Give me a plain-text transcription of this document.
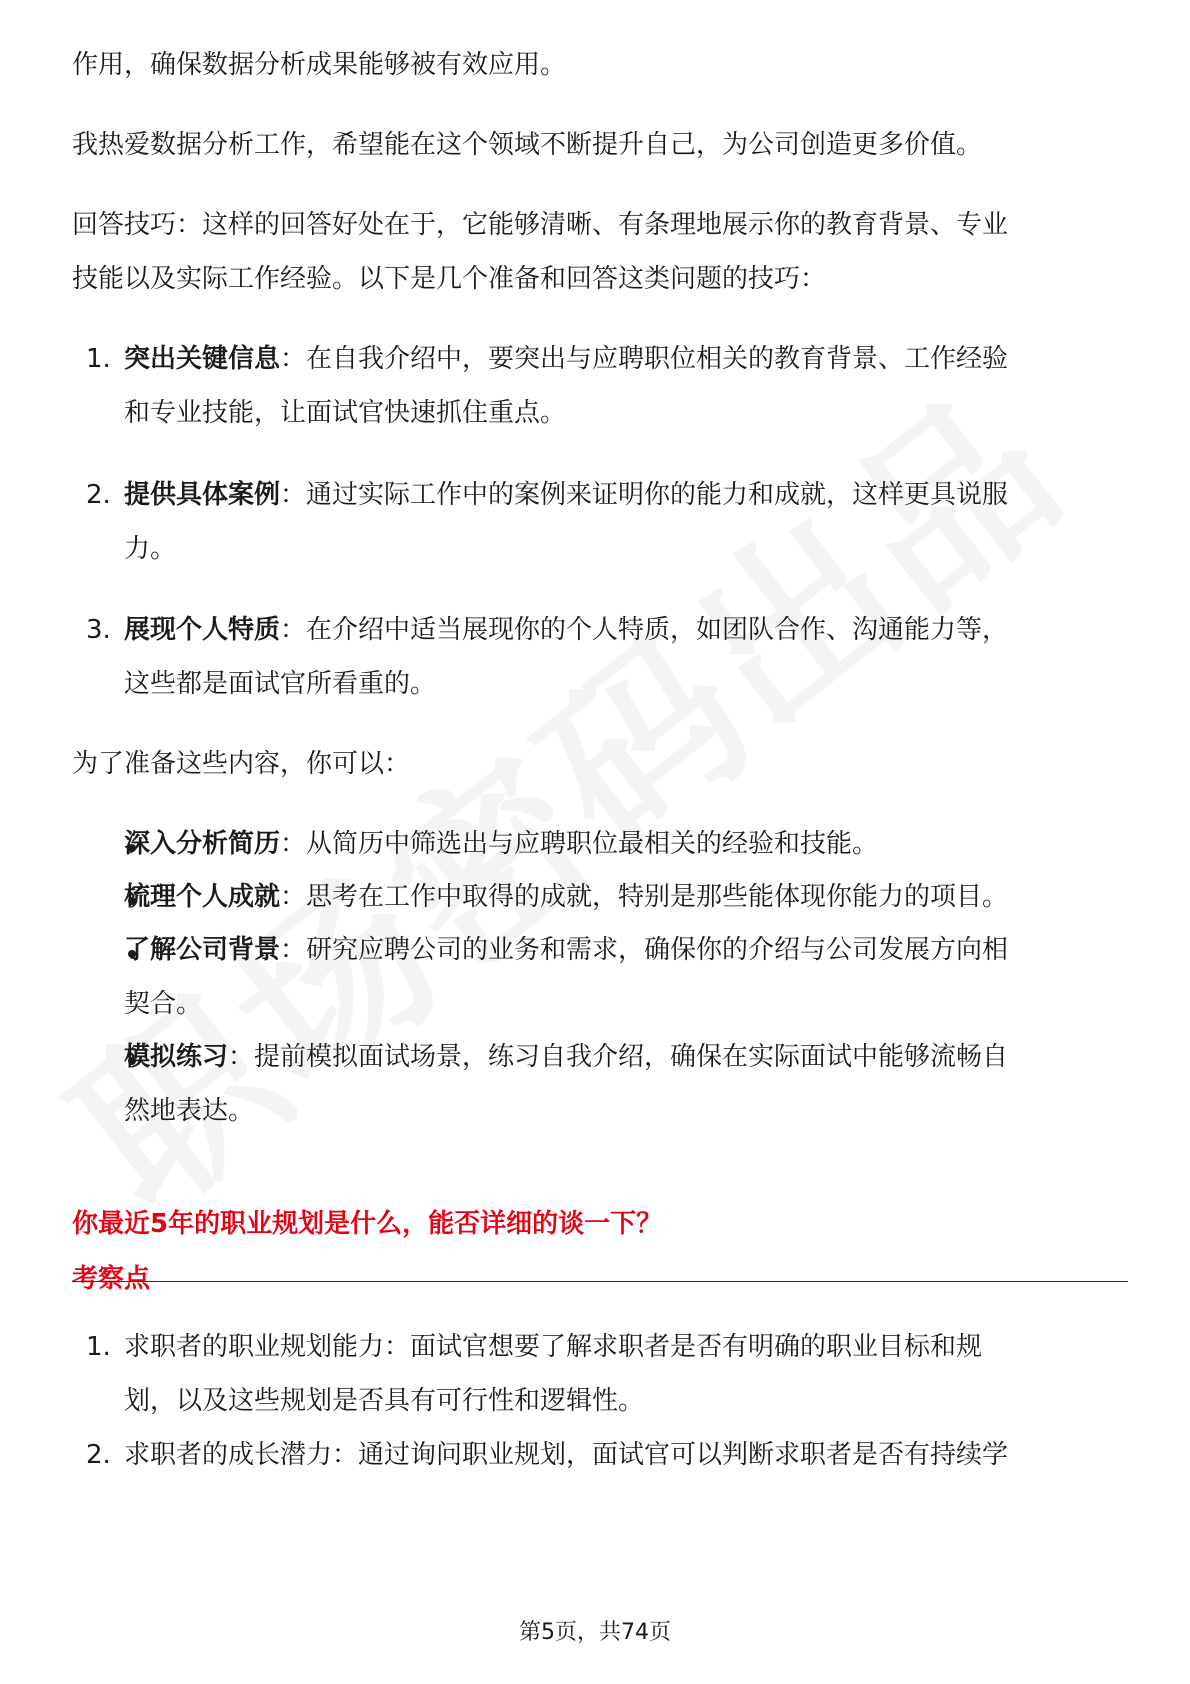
作用，确保数据分析成果能够被有效应用。
我热爱数据分析工作，希望能在这个领域不断提升自己，为公司创造更多价值。
回答技巧：这样的回答好处在于，它能够清晰、有条理地展示你的教育背景、专业
技能以及实际工作经验。以下是几个准备和回答这类问题的技巧：
1. 突出关键信息：在自我介绍中，要突出与应聘职位相关的教育背景、工作经验
和专业技能，让面试官快速抓住重点。
2. 提供具体案例：通过实际工作中的案例来证明你的能力和成就，这样更具说服
力。
3. 展现个人特质：在介绍中适当展现你的个人特质，如团队合作、沟通能力等，
这些都是面试官所看重的。
为了准备这些内容，你可以：
深入分析简历：从简历中筛选出与应聘职位最相关的经验和技能。
梳理个人成就：思考在工作中取得的成就，特别是那些能体现你能力的项目。
了解公司背景：研究应聘公司的业务和需求，确保你的介绍与公司发展方向相
契合。
模拟练习：提前模拟面试场景，练习自我介绍，确保在实际面试中能够流畅自
然地表达。
你最近5年的职业规划是什么，能否详细的谈一下？
考察点
1. 求职者的职业规划能力：面试官想要了解求职者是否有明确的职业目标和规
划，以及这些规划是否具有可行性和逻辑性。
2. 求职者的成长潜力：通过询问职业规划，面试官可以判断求职者是否有持续学
第5页，共74页
